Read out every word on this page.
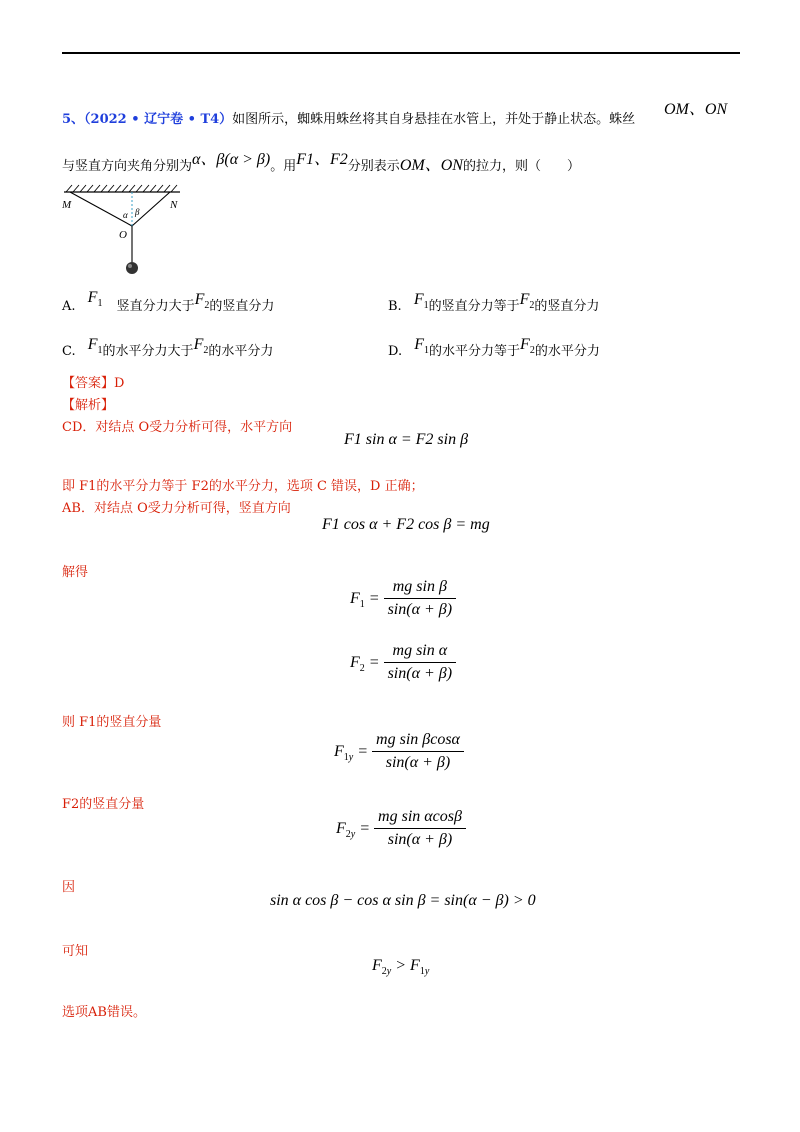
5、（2022 • 辽宁卷 • T4）如图所示，蜘蛛用蛛丝将其自身悬挂在水管上，并处于静止状态。蛛丝
OM、ON
与竖直方向夹角分别为α、β(α > β)。用F1、F2分别表示OM、ON的拉力，则（　　）
M	N
O
α β
A. $F_1$ 竖直分力大于$F_2$的竖直分力	B. $F_1$的竖直分力等于$F_2$的竖直分力
C. $F_1$的水平分力大于$F_2$的水平分力	D. $F_1$的水平分力等于$F_2$的水平分力
【答案】D
【解析】
CD．对结点 O受力分析可得，水平方向
F1 sin α = F2 sin β
即 F1的水平分力等于 F2的水平分力，选项 C 错误，D 正确；
AB．对结点 O受力分析可得，竖直方向
F1 cos α + F2 cos β = mg
解得
$F_1 = \frac{\text{mg sin β}}{\sin(\alpha + \beta)}$
$F_2 = \frac{\text{mg sin α}}{\sin(\alpha + \beta)}$
则 F1的竖直分量
$F_{1y} = \frac{\text{mg sin βcosα}}{\sin(\alpha + \beta)}$
F2的竖直分量
$F_{2y} = \frac{\text{mg sin αcosβ}}{\sin(\alpha + \beta)}$
因
sin α cos β − cos α sin β = sin(α − β) > 0
可知
$F_{2y} > F_{1y}$
选项AB错误。
